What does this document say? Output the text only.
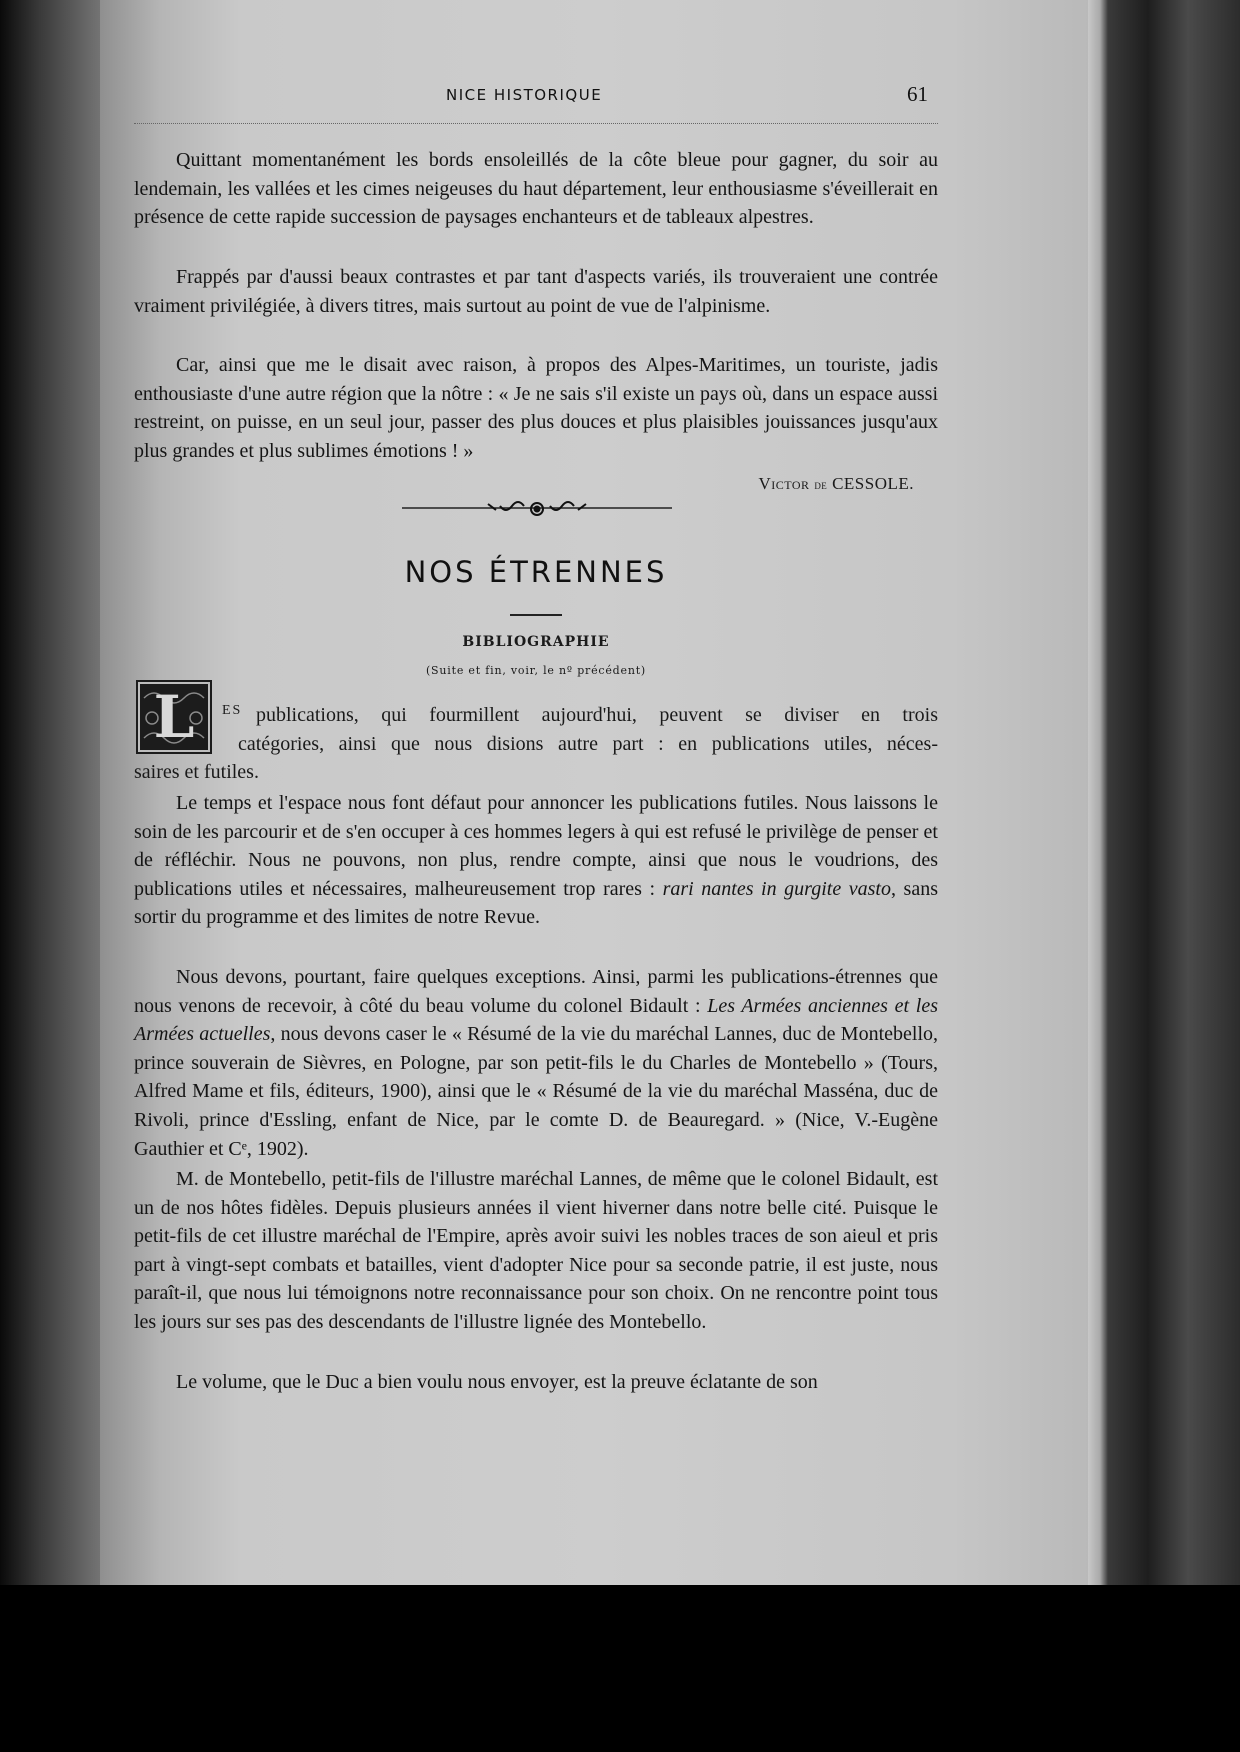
NICE HISTORIQUE	61

Quittant momentanément les bords ensoleillés de la côte bleue pour gagner, du soir au lendemain, les vallées et les cimes neigeuses du haut département, leur enthousiasme s'éveillerait en présence de cette rapide succession de paysages enchanteurs et de tableaux alpestres.

Frappés par d'aussi beaux contrastes et par tant d'aspects variés, ils trouveraient une contrée vraiment privilégiée, à divers titres, mais surtout au point de vue de l'alpinisme.

Car, ainsi que me le disait avec raison, à propos des Alpes-Maritimes, un touriste, jadis enthousiaste d'une autre région que la nôtre : « Je ne sais s'il existe un pays où, dans un espace aussi restreint, on puisse, en un seul jour, passer des plus douces et plus plaisibles jouissances jusqu'aux plus grandes et plus sublimes émotions ! »

Victor de CESSOLE.
NOS ÉTRENNES
BIBLIOGRAPHIE
(Suite et fin, voir, le nº précédent)
L	ES publications, qui fourmillent aujourd'hui, peuvent se diviser en trois

catégories, ainsi que nous disions autre part : en publications utiles, néces-

saires et futiles.

Le temps et l'espace nous font défaut pour annoncer les publications futiles. Nous laissons le soin de les parcourir et de s'en occuper à ces hommes legers à qui est refusé le privilège de penser et de réfléchir. Nous ne pouvons, non plus, rendre compte, ainsi que nous le voudrions, des publications utiles et nécessaires, malheureusement trop rares : rari nantes in gurgite vasto, sans sortir du programme et des limites de notre Revue.

Nous devons, pourtant, faire quelques exceptions. Ainsi, parmi les publications-étrennes que nous venons de recevoir, à côté du beau volume du colonel Bidault : Les Armées anciennes et les Armées actuelles, nous devons caser le « Résumé de la vie du maréchal Lannes, duc de Montebello, prince souverain de Sièvres, en Pologne, par son petit-fils le du Charles de Montebello » (Tours, Alfred Mame et fils, éditeurs, 1900), ainsi que le « Résumé de la vie du maréchal Masséna, duc de Rivoli, prince d'Essling, enfant de Nice, par le comte D. de Beauregard. » (Nice, V.-Eugène Gauthier et Cᵉ, 1902).

M. de Montebello, petit-fils de l'illustre maréchal Lannes, de même que le colonel Bidault, est un de nos hôtes fidèles. Depuis plusieurs années il vient hiverner dans notre belle cité. Puisque le petit-fils de cet illustre maréchal de l'Empire, après avoir suivi les nobles traces de son aieul et pris part à vingt-sept combats et batailles, vient d'adopter Nice pour sa seconde patrie, il est juste, nous paraît-il, que nous lui témoignons notre reconnaissance pour son choix. On ne rencontre point tous les jours sur ses pas des descendants de l'illustre lignée des Montebello.

Le volume, que le Duc a bien voulu nous envoyer, est la preuve éclatante de son
